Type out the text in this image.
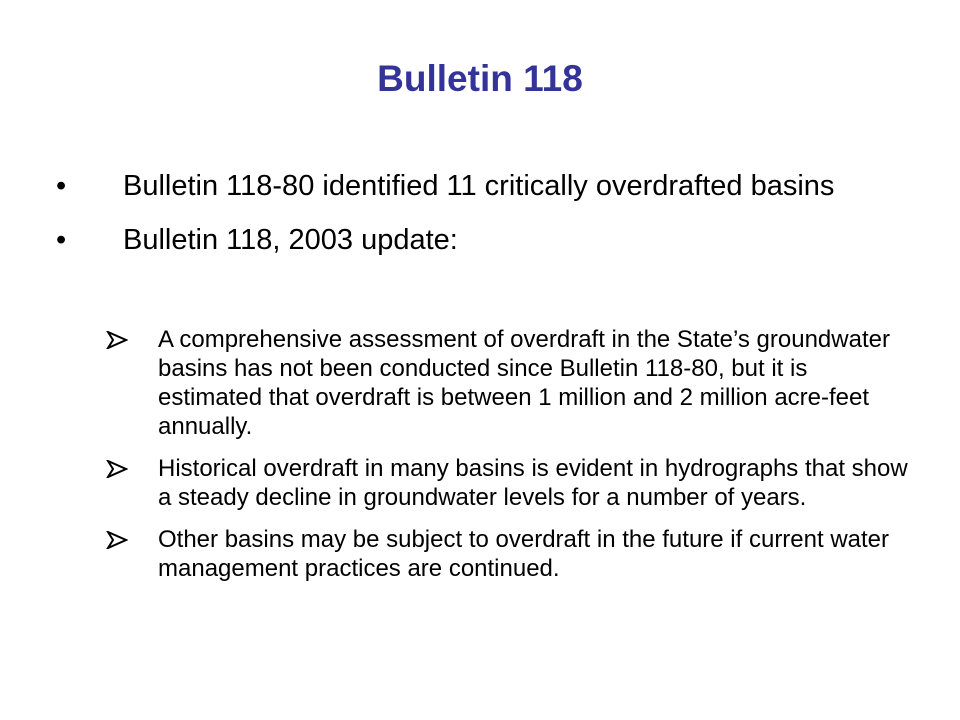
Bulletin 118
•	Bulletin 118-80 identified 11 critically overdrafted basins
•	Bulletin 118, 2003 update:
A comprehensive assessment of overdraft in the State’s groundwater basins has not been conducted since Bulletin 118-80, but it is estimated that overdraft is between 1 million and 2 million acre-feet annually.
Historical overdraft in many basins is evident in hydrographs that show a steady decline in groundwater levels for a number of years.
Other basins may be subject to overdraft in the future if current water management practices are continued.
